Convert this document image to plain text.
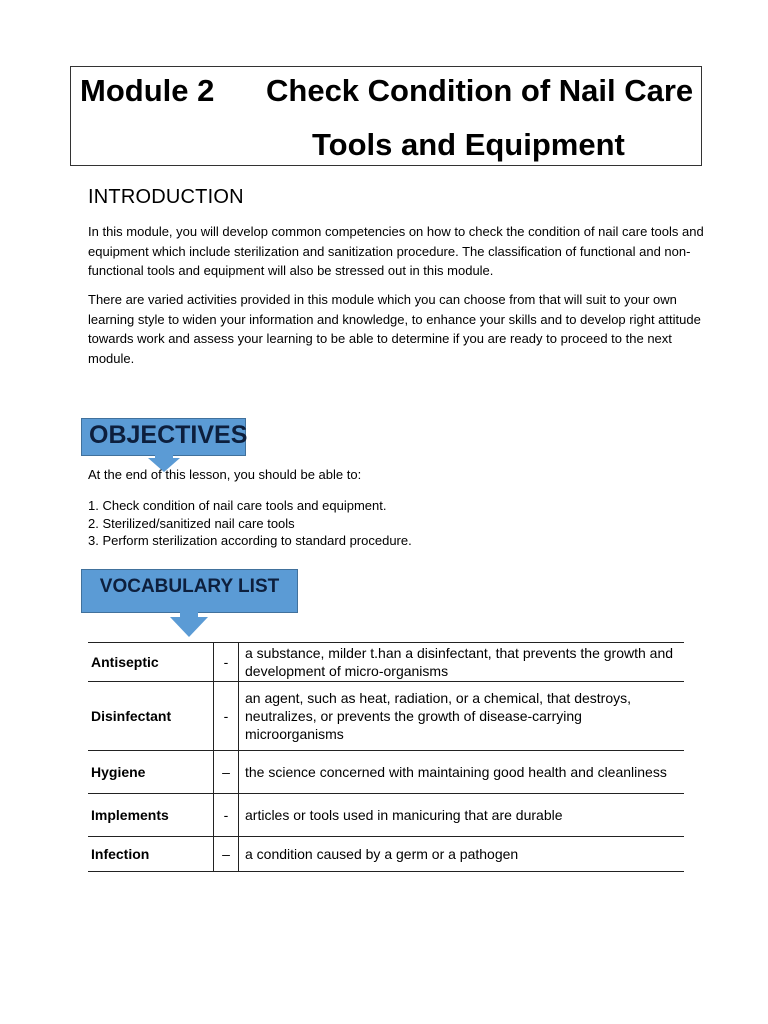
Module 2 Check Condition of Nail Care
Tools and Equipment
INTRODUCTION
In this module, you will develop common competencies on how to check the condition of nail care tools and equipment which include sterilization and sanitization procedure. The classification of functional and non-functional tools and equipment will also be stressed out in this module.
There are varied activities provided in this module which you can choose from that will suit to your own learning style to widen your information and knowledge, to enhance your skills and to develop right attitude towards work and assess your learning to be able to determine if you are ready to proceed to the next module.
OBJECTIVES
At the end of this lesson, you should be able to:
1. Check condition of nail care tools and equipment.
2. Sterilized/sanitized nail care tools
3. Perform sterilization according to standard procedure.
VOCABULARY LIST
Antiseptic	-	a substance, milder t.han a disinfectant, that prevents the growth and development of micro-organisms
Disinfectant	-	an agent, such as heat, radiation, or a chemical, that destroys, neutralizes, or prevents the growth of disease-carrying microorganisms
Hygiene	–	the science concerned with maintaining good health and cleanliness
Implements	-	articles or tools used in manicuring that are durable
Infection	–	a condition caused by a germ or a pathogen
